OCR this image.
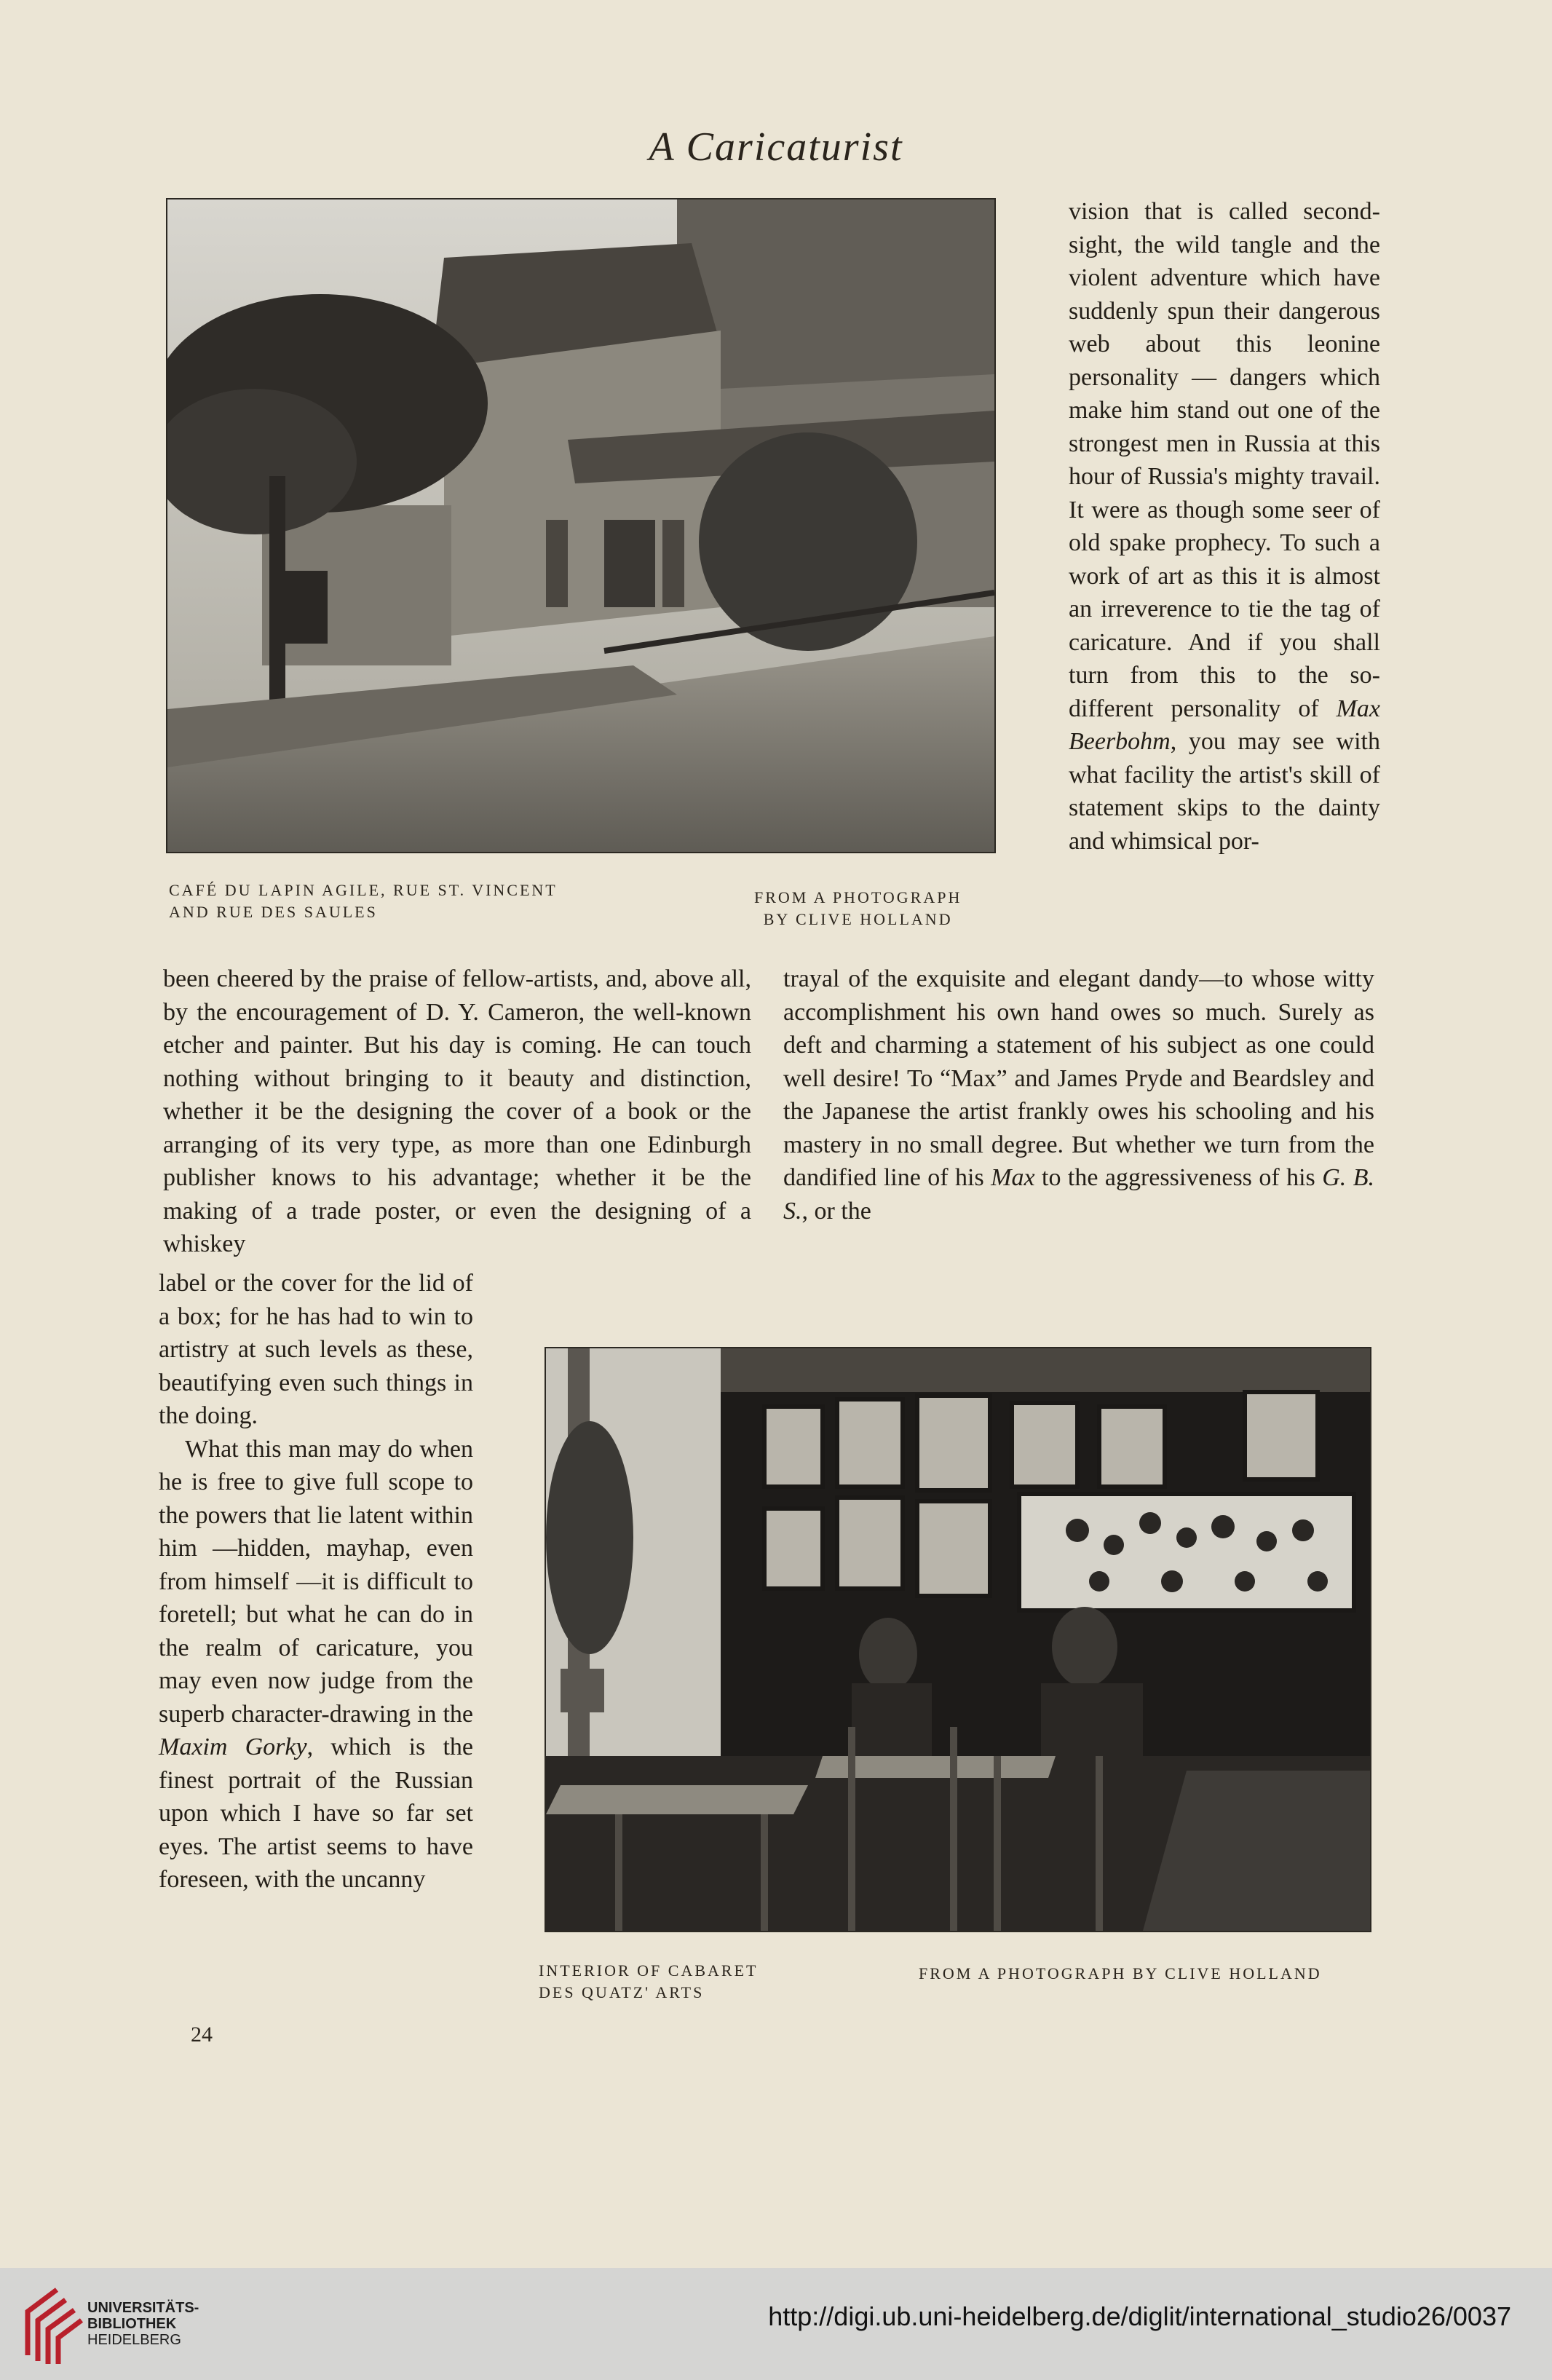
A Caricaturist
CAFÉ DU LAPIN AGILE, RUE ST. VINCENT
AND RUE DES SAULES
FROM A PHOTOGRAPH
BY CLIVE HOLLAND

vision that is called second-sight, the wild tangle and the violent adventure which have suddenly spun their dangerous web about this leonine personality — dangers which make him stand out one of the strongest men in Russia at this hour of Russia's mighty travail. It were as though some seer of old spake prophecy. To such a work of art as this it is almost an irreverence to tie the tag of caricature. And if you shall turn from this to the so-different personality of Max Beerbohm, you may see with what facility the artist's skill of statement skips to the dainty and whimsical por-

been cheered by the praise of fellow-artists, and, above all, by the encouragement of D. Y. Cameron, the well-known etcher and painter. But his day is coming. He can touch nothing without bringing to it beauty and distinction, whether it be the designing the cover of a book or the arranging of its very type, as more than one Edinburgh publisher knows to his advantage; whether it be the making of a trade poster, or even the designing of a whiskey

trayal of the exquisite and elegant dandy—to whose witty accomplishment his own hand owes so much. Surely as deft and charming a statement of his subject as one could well desire! To “Max” and James Pryde and Beardsley and the Japanese the artist frankly owes his schooling and his mastery in no small degree. But whether we turn from the dandified line of his Max to the aggressiveness of his G. B. S., or the

label or the cover for the lid of a box; for he has had to win to artistry at such levels as these, beautifying even such things in the doing.

What this man may do when he is free to give full scope to the powers that lie latent within him —hidden, mayhap, even from himself —it is difficult to foretell; but what he can do in the realm of caricature, you may even now judge from the superb character-drawing in the Maxim Gorky, which is the finest portrait of the Russian upon which I have so far set eyes. The artist seems to have foreseen, with the uncanny

INTERIOR OF CABARET
DES QUATZ' ARTS
FROM A PHOTOGRAPH BY CLIVE HOLLAND
24
UNIVERSITÄTS-
BIBLIOTHEK
HEIDELBERG
http://digi.ub.uni-heidelberg.de/diglit/international_studio26/0037
